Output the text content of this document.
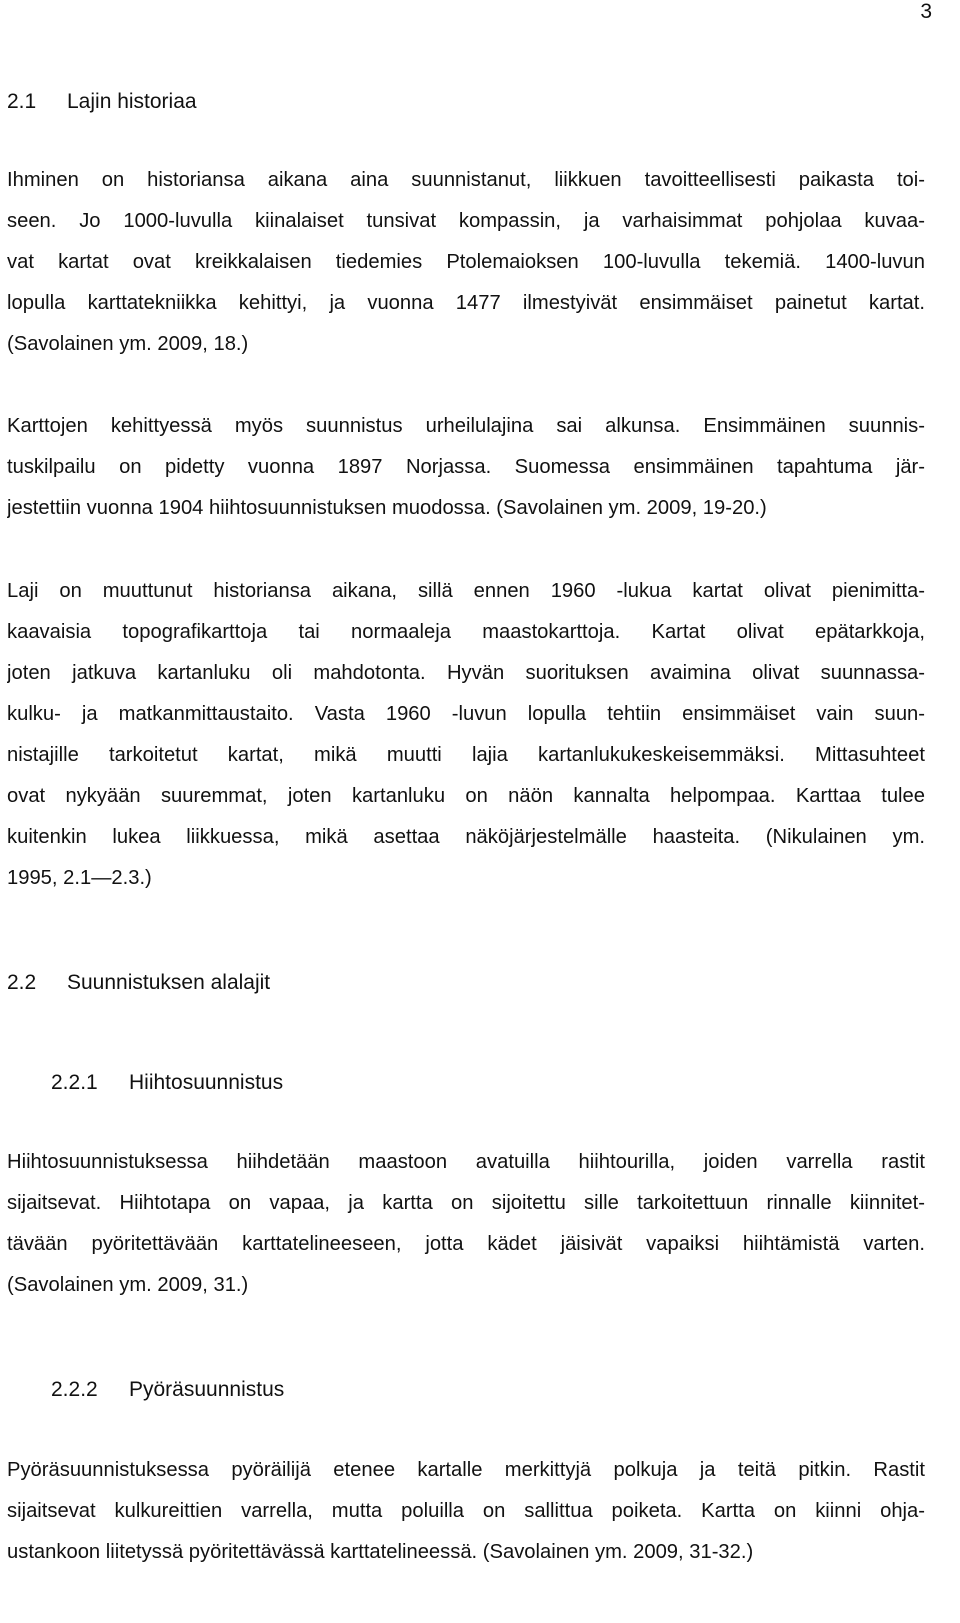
3
2.1 Lajin historiaa
Ihminen on historiansa aikana aina suunnistanut, liikkuen tavoitteellisesti paikasta toi-
seen. Jo 1000-luvulla kiinalaiset tunsivat kompassin, ja varhaisimmat pohjolaa kuvaa-
vat kartat ovat kreikkalaisen tiedemies Ptolemaioksen 100-luvulla tekemiä. 1400-luvun
lopulla karttatekniikka kehittyi, ja vuonna 1477 ilmestyivät ensimmäiset painetut kartat.
(Savolainen ym. 2009, 18.)
Karttojen kehittyessä myös suunnistus urheilulajina sai alkunsa. Ensimmäinen suunnis-
tuskilpailu on pidetty vuonna 1897 Norjassa. Suomessa ensimmäinen tapahtuma jär-
jestettiin vuonna 1904 hiihtosuunnistuksen muodossa. (Savolainen ym. 2009, 19-20.)
Laji on muuttunut historiansa aikana, sillä ennen 1960 -lukua kartat olivat pienimitta-
kaavaisia topografikarttoja tai normaaleja maastokarttoja. Kartat olivat epätarkkoja,
joten jatkuva kartanluku oli mahdotonta. Hyvän suorituksen avaimina olivat suunnassa-
kulku- ja matkanmittaustaito. Vasta 1960 -luvun lopulla tehtiin ensimmäiset vain suun-
nistajille tarkoitetut kartat, mikä muutti lajia kartanlukukeskeisemmäksi. Mittasuhteet
ovat nykyään suuremmat, joten kartanluku on näön kannalta helpompaa. Karttaa tulee
kuitenkin lukea liikkuessa, mikä asettaa näköjärjestelmälle haasteita. (Nikulainen ym.
1995, 2.1—2.3.)
2.2 Suunnistuksen alalajit
2.2.1 Hiihtosuunnistus
Hiihtosuunnistuksessa hiihdetään maastoon avatuilla hiihtourilla, joiden varrella rastit
sijaitsevat. Hiihtotapa on vapaa, ja kartta on sijoitettu sille tarkoitettuun rinnalle kiinnitet-
tävään pyöritettävään karttatelineeseen, jotta kädet jäisivät vapaiksi hiihtämistä varten.
(Savolainen ym. 2009, 31.)
2.2.2 Pyöräsuunnistus
Pyöräsuunnistuksessa pyöräilijä etenee kartalle merkittyjä polkuja ja teitä pitkin. Rastit
sijaitsevat kulkureittien varrella, mutta poluilla on sallittua poiketa. Kartta on kiinni ohja-
ustankoon liitetyssä pyöritettävässä karttatelineessä. (Savolainen ym. 2009, 31-32.)
